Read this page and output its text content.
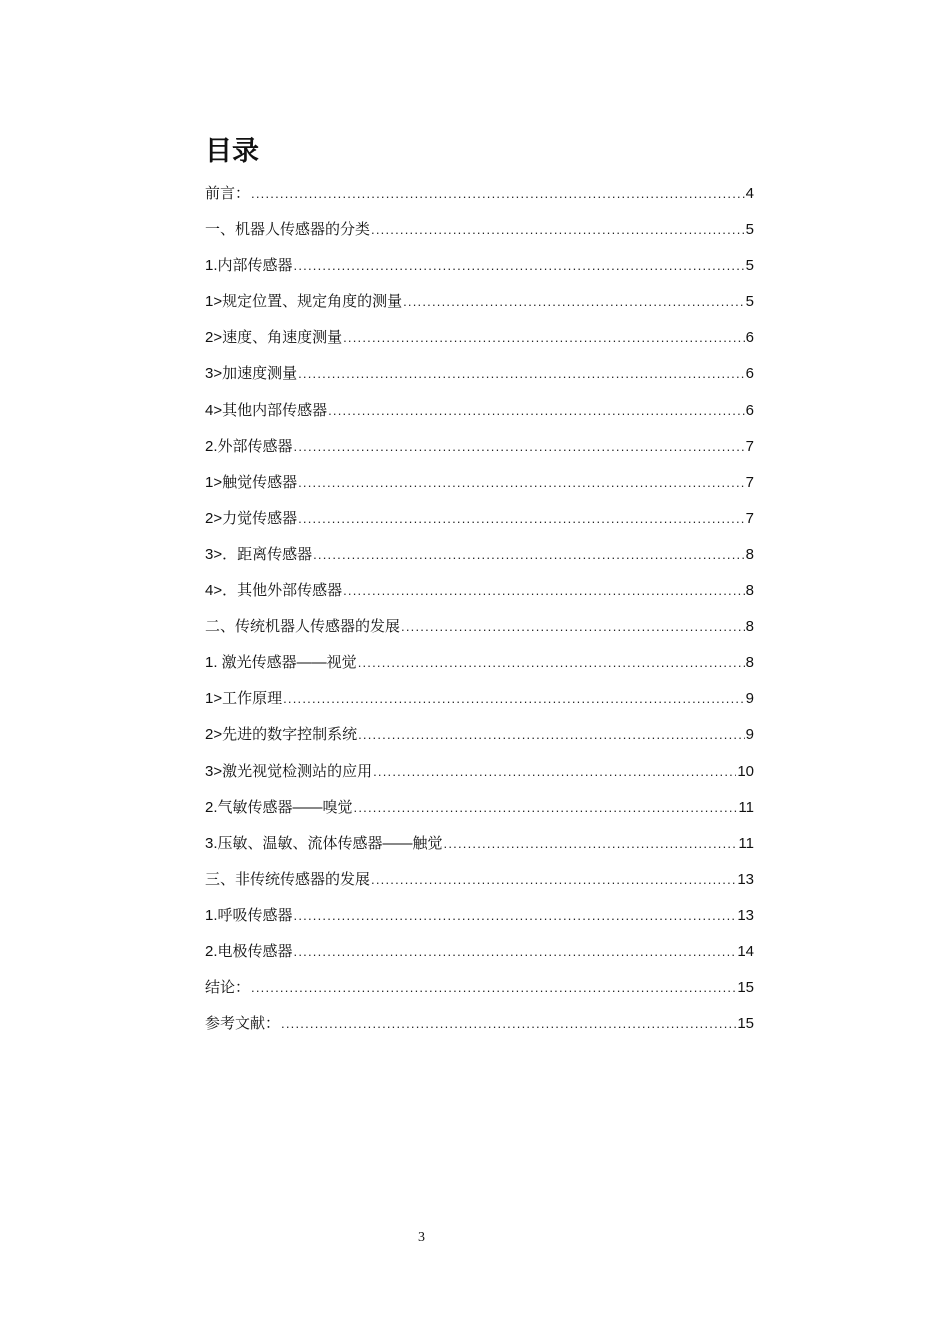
目录
前言： .....	4
一、机器人传感器的分类 .....	5
1.内部传感器 .....	5
1>规定位置、规定角度的测量 .....	5
2>速度、角速度测量 .....	6
3>加速度测量 .....	6
4>其他内部传感器 .....	6
2.外部传感器 .....	7
1>触觉传感器 .....	7
2>力觉传感器 .....	7
3>．距离传感器 .....	8
4>．其他外部传感器 .....	8
二、传统机器人传感器的发展 .....	8
1. 激光传感器——视觉 .....	8
1>工作原理 .....	9
2>先进的数字控制系统 .....	9
3>激光视觉检测站的应用 .....	10
2.气敏传感器——嗅觉 .....	11
3.压敏、温敏、流体传感器——触觉 .....	11
三、非传统传感器的发展 .....	13
1.呼吸传感器 .....	13
2.电极传感器 .....	14
结论： .....	15
参考文献： .....	15
3
